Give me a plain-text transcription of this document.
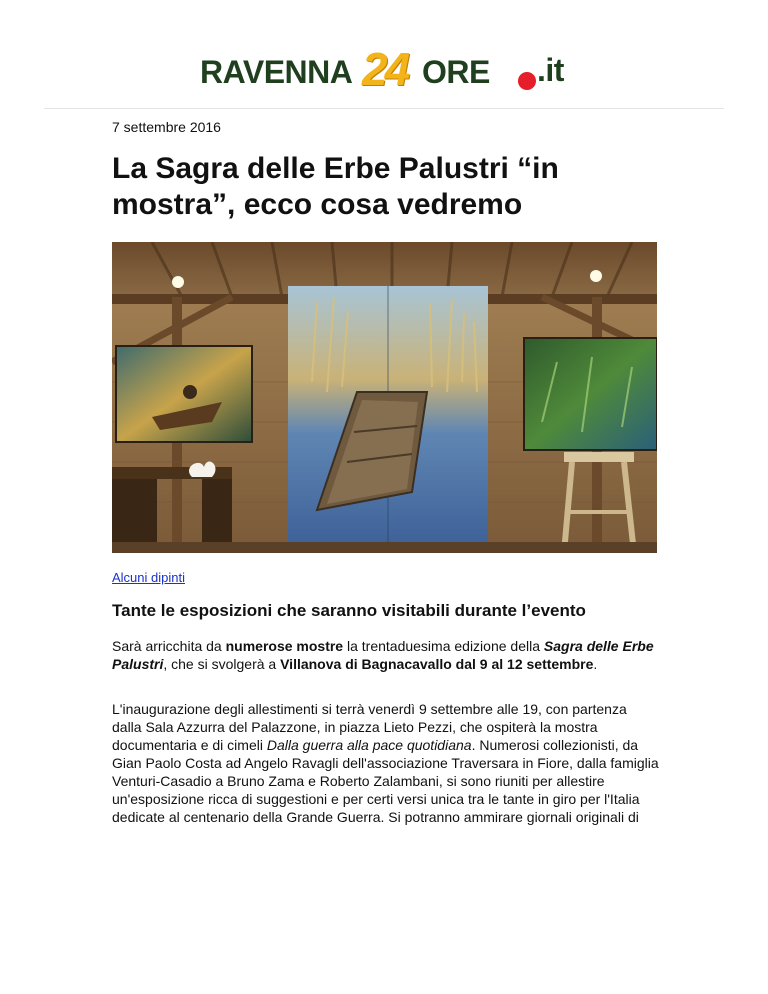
RAVENNA 24 ORE .it
7 settembre 2016
La Sagra delle Erbe Palustri “in mostra”, ecco cosa vedremo
Alcuni dipinti
Tante le esposizioni che saranno visitabili durante l’evento

Sarà arricchita da numerose mostre la trentaduesima edizione della Sagra delle Erbe Palustri, che si svolgerà a Villanova di Bagnacavallo dal 9 al 12 settembre.

L'inaugurazione degli allestimenti si terrà venerdì 9 settembre alle 19, con partenza dalla Sala Azzurra del Palazzone, in piazza Lieto Pezzi, che ospiterà la mostra documentaria e di cimeli Dalla guerra alla pace quotidiana. Numerosi collezionisti, da Gian Paolo Costa ad Angelo Ravagli dell'associazione Traversara in Fiore, dalla famiglia Venturi-Casadio a Bruno Zama e Roberto Zalambani, si sono riuniti per allestire un'esposizione ricca di suggestioni e per certi versi unica tra le tante in giro per l'Italia dedicate al centenario della Grande Guerra. Si potranno ammirare giornali originali di
